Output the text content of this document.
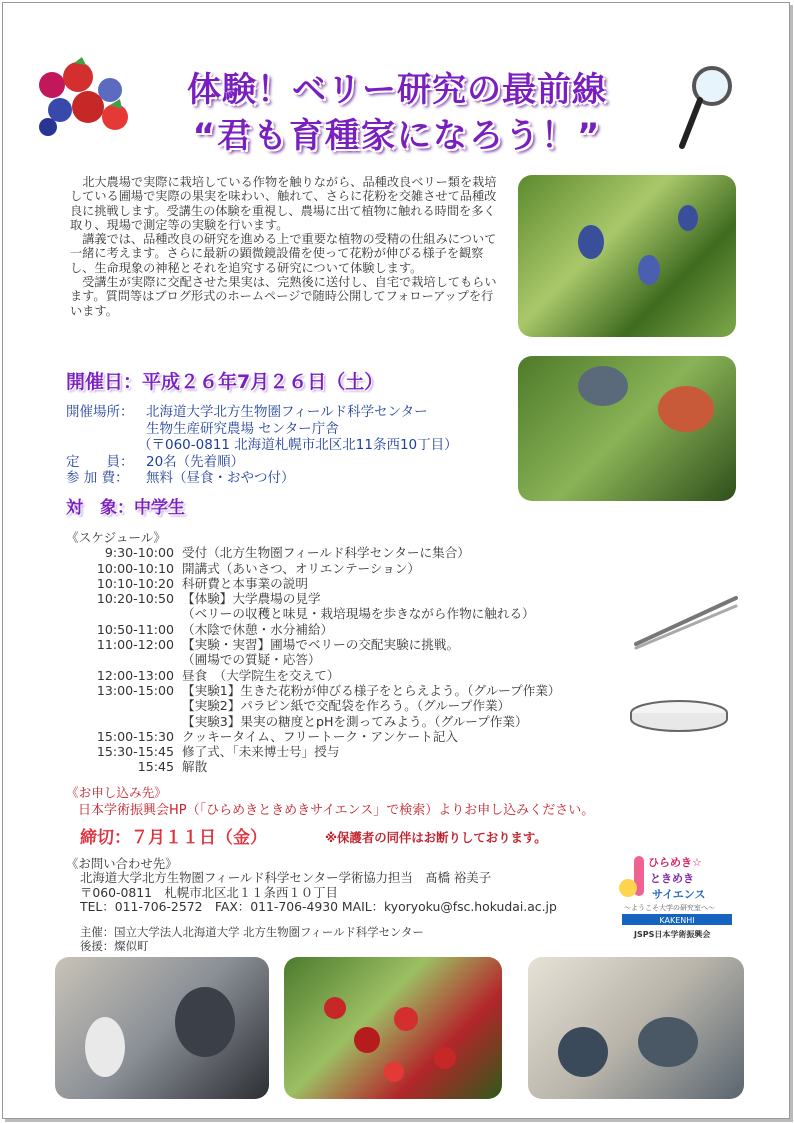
体験！ベリー研究の最前線
“君も育種家になろう！”

北大農場で実際に栽培している作物を触りながら、品種改良ベリー類を栽培している圃場で実際の果実を味わい、触れて、さらに花粉を交雑させて品種改良に挑戦します。受講生の体験を重視し、農場に出て植物に触れる時間を多く取り、現場で測定等の実験を行います。

講義では、品種改良の研究を進める上で重要な植物の受精の仕組みについて一緒に考えます。さらに最新の顕微鏡設備を使って花粉が伸びる様子を観察し、生命現象の神秘とそれを追究する研究について体験します。

受講生が実際に交配させた果実は、完熟後に送付し、自宅で栽培してもらいます。質問等はブログ形式のホームページで随時公開してフォローアップを行います。

開催日：平成２６年7月２６日（土）
開催場所： 北海道大学北方生物圏フィールド科学センター
生物生産研究農場 センター庁舎
（〒060-0811 北海道札幌市北区北11条西10丁目）
定　　員： 20名（先着順）
参 加 費： 無料（昼食・おやつ付）
対　象：中学生
《スケジュール》
9:30-10:00 受付（北方生物圏フィールド科学センターに集合）
10:00-10:10 開講式（あいさつ、オリエンテーション）
10:10-10:20 科研費と本事業の説明
10:20-10:50 【体験】大学農場の見学
（ベリーの収穫と味見・栽培現場を歩きながら作物に触れる）
10:50-11:00 （木陰で休憩・水分補給）
11:00-12:00 【実験・実習】圃場でベリーの交配実験に挑戦。
（圃場での質疑・応答）
12:00-13:00 昼食　（大学院生を交えて）
13:00-15:00 【実験1】生きた花粉が伸びる様子をとらえよう。（グループ作業）
【実験2】パラピン紙で交配袋を作ろう。（グループ作業）
【実験3】果実の糖度とpHを測ってみよう。（グループ作業）
15:00-15:30 クッキータイム、フリートーク・アンケート記入
15:30-15:45 修了式、「未来博士号」授与
15:45 解散
《お申し込み先》
日本学術振興会HP（「ひらめきときめきサイエンス」で検索）よりお申し込みください。
締切：７月１１日（金）	※保護者の同伴はお断りしております。
《お問い合わせ先》
北海道大学北方生物圏フィールド科学センター学術協力担当　髙橋 裕美子
〒060-0811　札幌市北区北１１条西１０丁目
TEL：011-706-2572　FAX：011-706-4930 MAIL：kyoryoku@fsc.hokudai.ac.jp
主催：国立大学法人北海道大学 北方生物圏フィールド科学センター
後援：燦似町
ひらめき☆
ときめき
サイエンス
～ようこそ大学の研究室へ～
KAKENHI
JSPS日本学術振興会
